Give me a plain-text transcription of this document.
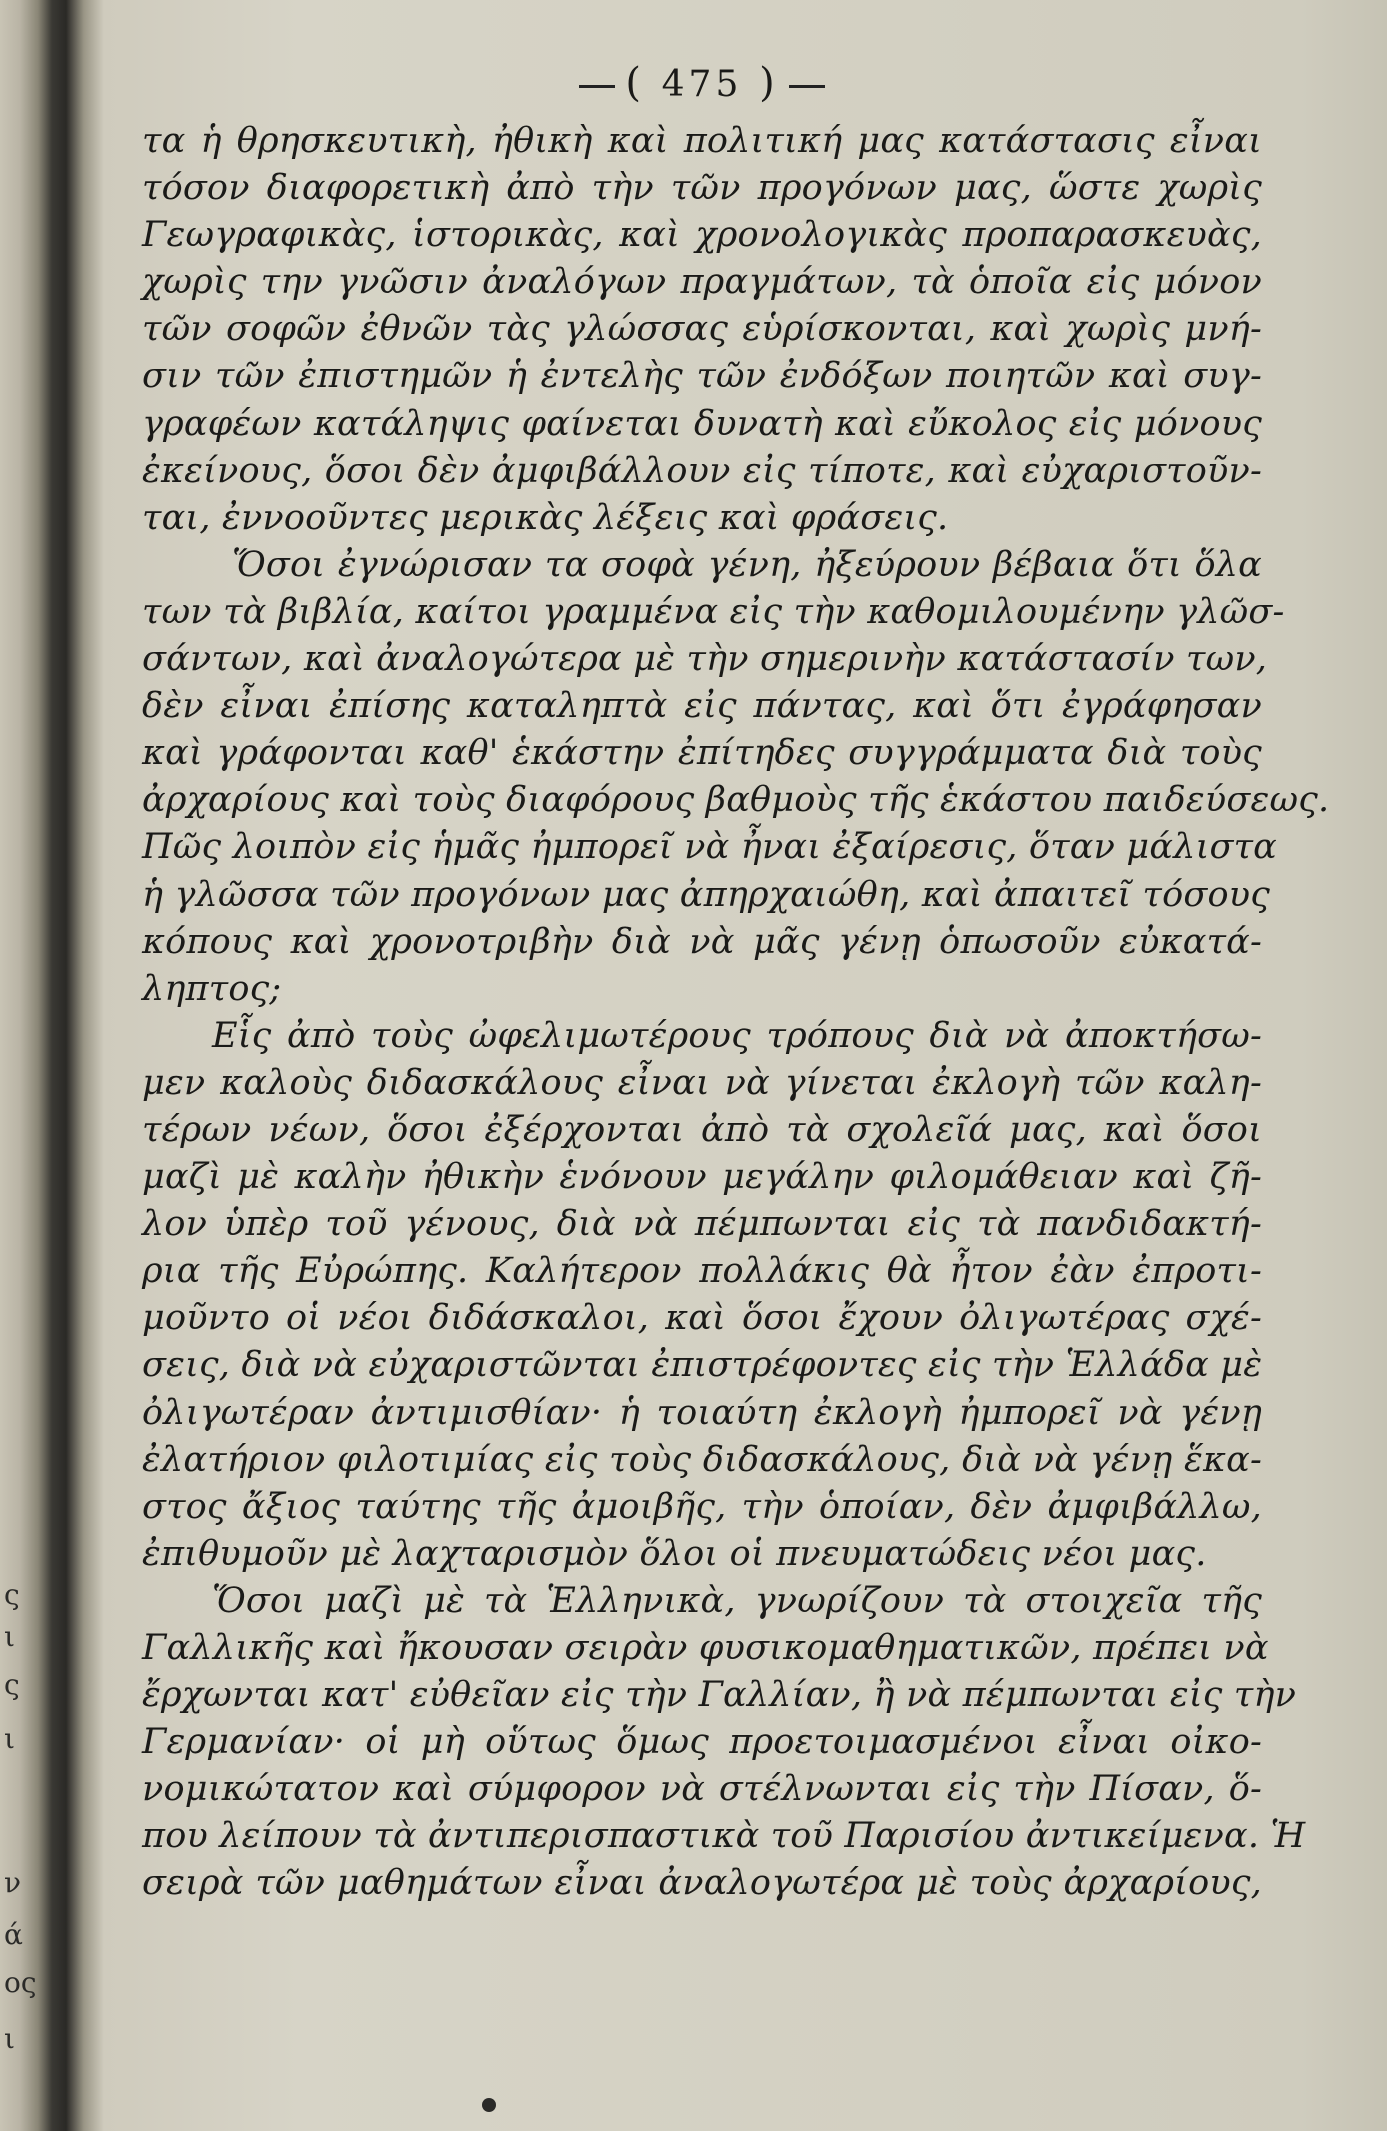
ς
ι
ς
ι
ν
ά
ος
ι
( 475 )
τα ἡ θρησκευτικὴ, ἠθικὴ καὶ πολιτική μας κατάστασις εἶναι
τόσον διαφορετικὴ ἀπὸ τὴν τῶν προγόνων μας, ὥστε χωρὶς
Γεωγραφικὰς, ἱστορικὰς, καὶ χρονολογικὰς προπαρασκευὰς,
χωρὶς την γνῶσιν ἀναλόγων πραγμάτων, τὰ ὁποῖα εἰς μόνον
τῶν σοφῶν ἐθνῶν τὰς γλώσσας εὑρίσκονται, καὶ χωρὶς μνή-
σιν τῶν ἐπιστημῶν ἡ ἐντελὴς τῶν ἐνδόξων ποιητῶν καὶ συγ-
γραφέων κατάληψις φαίνεται δυνατὴ καὶ εὔκολος εἰς μόνους
ἐκείνους, ὅσοι δὲν ἀμφιβάλλουν εἰς τίποτε, καὶ εὐχαριστοῦν-
ται, ἐννοοῦντες μερικὰς λέξεις καὶ φράσεις.
Ὅσοι ἐγνώρισαν τα σοφὰ γένη, ἠξεύρουν βέβαια ὅτι ὅλα
των τὰ βιβλία, καίτοι γραμμένα εἰς τὴν καθομιλουμένην γλῶσ-
σάντων, καὶ ἀναλογώτερα μὲ τὴν σημερινὴν κατάστασίν των,
δὲν εἶναι ἐπίσης καταληπτὰ εἰς πάντας, καὶ ὅτι ἐγράφησαν
καὶ γράφονται καθ' ἑκάστην ἐπίτηδες συγγράμματα διὰ τοὺς
ἀρχαρίους καὶ τοὺς διαφόρους βαθμοὺς τῆς ἑκάστου παιδεύσεως.
Πῶς λοιπὸν εἰς ἡμᾶς ἠμπορεῖ νὰ ἦναι ἐξαίρεσις, ὅταν μάλιστα
ἡ γλῶσσα τῶν προγόνων μας ἀπηρχαιώθη, καὶ ἀπαιτεῖ τόσους
κόπους καὶ χρονοτριβὴν διὰ νὰ μᾶς γένῃ ὁπωσοῦν εὐκατά-
ληπτος;
Εἷς ἀπὸ τοὺς ὠφελιμωτέρους τρόπους διὰ νὰ ἀποκτήσω-
μεν καλοὺς διδασκάλους εἶναι νὰ γίνεται ἐκλογὴ τῶν καλη-
τέρων νέων, ὅσοι ἐξέρχονται ἀπὸ τὰ σχολεῖά μας, καὶ ὅσοι
μαζὶ μὲ καλὴν ἠθικὴν ἑνόνουν μεγάλην φιλομάθειαν καὶ ζῆ-
λον ὑπὲρ τοῦ γένους, διὰ νὰ πέμπωνται εἰς τὰ πανδιδακτή-
ρια τῆς Εὐρώπης. Καλήτερον πολλάκις θὰ ἦτον ἐὰν ἐπροτι-
μοῦντο οἱ νέοι διδάσκαλοι, καὶ ὅσοι ἔχουν ὀλιγωτέρας σχέ-
σεις, διὰ νὰ εὐχαριστῶνται ἐπιστρέφοντες εἰς τὴν Ἑλλάδα μὲ
ὀλιγωτέραν ἀντιμισθίαν· ἡ τοιαύτη ἐκλογὴ ἠμπορεῖ νὰ γένῃ
ἐλατήριον φιλοτιμίας εἰς τοὺς διδασκάλους, διὰ νὰ γένῃ ἕκα-
στος ἄξιος ταύτης τῆς ἀμοιβῆς, τὴν ὁποίαν, δὲν ἀμφιβάλλω,
ἐπιθυμοῦν μὲ λαχταρισμὸν ὅλοι οἱ πνευματώδεις νέοι μας.
Ὅσοι μαζὶ μὲ τὰ Ἑλληνικὰ, γνωρίζουν τὰ στοιχεῖα τῆς
Γαλλικῆς καὶ ἤκουσαν σειρὰν φυσικομαθηματικῶν, πρέπει νὰ
ἔρχωνται κατ' εὐθεῖαν εἰς τὴν Γαλλίαν, ἢ νὰ πέμπωνται εἰς τὴν
Γερμανίαν· οἱ μὴ οὕτως ὅμως προετοιμασμένοι εἶναι οἰκο-
νομικώτατον καὶ σύμφορον νὰ στέλνωνται εἰς τὴν Πίσαν, ὅ-
που λείπουν τὰ ἀντιπερισπαστικὰ τοῦ Παρισίου ἀντικείμενα. Ἡ
σειρὰ τῶν μαθημάτων εἶναι ἀναλογωτέρα μὲ τοὺς ἀρχαρίους,
